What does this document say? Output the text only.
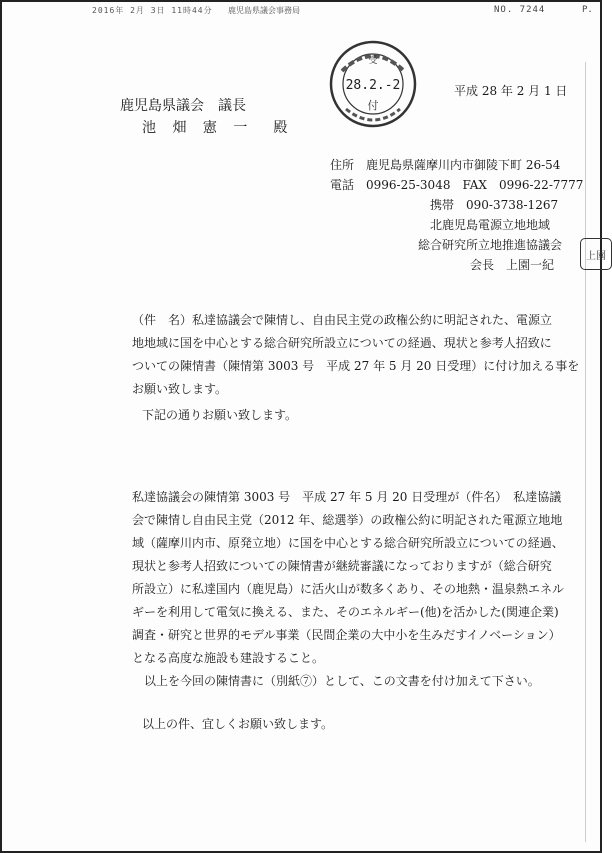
2016年 2月 3日 11時44分 鹿児島県議会事務局	NO. 7244	P.
受
28.2.-2
付
平成 28 年 2 月 1 日
鹿児島県議会　議長
池 畑 憲 一　殿
住所　鹿児島県薩摩川内市御陵下町 26-54
電話　0996-25-3048　FAX　0996-22-7777
携帯　090-3738-1267
北鹿児島電源立地地域
総合研究所立地推進協議会
会長　上園一紀
上園
（件　名）私達協議会で陳情し、自由民主党の政権公約に明記された、電源立
地地域に国を中心とする総合研究所設立についての経過、現状と参考人招致に
ついての陳情書（陳情第 3003 号　平成 27 年 5 月 20 日受理）に付け加える事を
お願い致します。
下記の通りお願い致します。
私達協議会の陳情第 3003 号　平成 27 年 5 月 20 日受理が（件名）　私達協議
会で陳情し自由民主党（2012 年、総選挙）の政権公約に明記された電源立地地
域（薩摩川内市、原発立地）に国を中心とする総合研究所設立についての経過、
現状と参考人招致についての陳情書が継続審議になっておりますが（総合研究
所設立）に私達国内（鹿児島）に活火山が数多くあり、その地熱・温泉熱エネル
ギーを利用して電気に換える、また、そのエネルギー(他)を活かした(関連企業)
調査・研究と世界的モデル事業（民間企業の大中小を生みだすイノベーション）
となる高度な施設も建設すること。
　以上を今回の陳情書に（別紙⑦）として、この文書を付け加えて下さい。
以上の件、宜しくお願い致します。
